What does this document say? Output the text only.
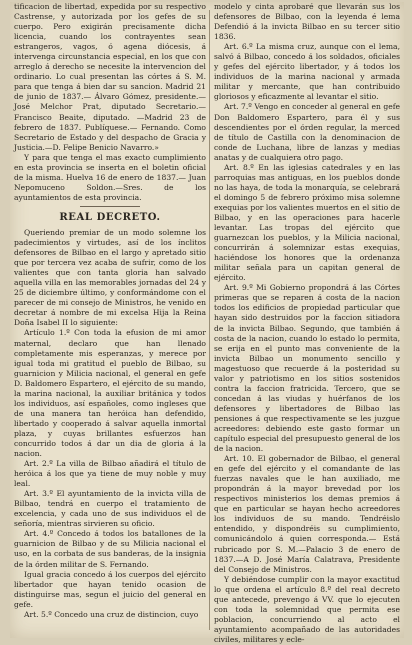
tificacion de libertad, expedida por su respectivo Castrense, y autorizada por los gefes de su cuerpo. Pero exigirán precisamente dicha licencia, cuando los contrayentes sean estrangeros, vagos, ó agena diócesis, á intervenga circunstancia especial, en los que con arreglo á derecho se necesite la intervencion del ordinario. Lo cual presentan las córtes á S. M. para que tenga á bien dar su sancion. Madrid 21 de junio de 1837.— Álvaro Gómez, presidente.—José Melchor Prat, diputado Secretario.—Francisco Beaite, diputado. —Madrid 23 de febrero de 1837. Publíquese.— Fernando. Como Secretario de Estado y del despacho de Gracia y Justicia.—D. Felipe Benicio Navarro.»

Y para que tenga el mas exacto cumplimiento en esta provincia se inserta en el boletin oficial de la misma. Huelva 16 de enero de 1837.— Juan Nepomuceno Soldon.—Sres. de los ayuntamientos de esta provincia.

REAL DECRETO.

Queriendo premiar de un modo solemne los padecimientos y virtudes, así de los ínclitos defensores de Bilbao en el largo y apretado sitio que por tercera vez acaba de sufrir, como de los valientes que con tanta gloria han salvado aquella villa en las memorables jornadas del 24 y 25 de diciembre último, y conformándome con el parecer de mi consejo de Ministros, he venido en decretar á nombre de mi excelsa Hija la Reina Doña Isabel II lo siguiente:

Artículo 1.º Con toda la efusion de mi amor maternal, declaro que han llenado completamente mis esperanzas, y merece por igual toda mi gratitud el pueblo de Bilbao, su guarnicion y Milicia nacional, el general en gefe D. Baldomero Espartero, el ejército de su mando, la marina nacional, la auxiliar británica y todos los individuos, así españoles, como ingleses que de una manera tan heróica han defendido, libertado y cooperado á salvar aquella inmortal plaza, y cuyas brillantes esfuerzos han concurrido todos á dar un dia de gloria á la nacion.

Art. 2.º La villa de Bilbao añadirá el título de heróica á los que ya tiene de muy noble y muy leal.

Art. 3.º El ayuntamiento de la invicta villa de Bilbao, tendrá en cuerpo el tratamiento de excelencia, y cada uno de sus individuos el de señoría, mientras sirvieren su oficio.

Art. 4.º Concedo á todos los batallones de la guarnicion de Bilbao y de su Milicia nacional el uso, en la corbata de sus banderas, de la insignia de la órden militar de S. Fernando.

Igual gracia concedo á los cuerpos del ejército libertador que hayan tenido ocasion de distinguirse mas, segun el juicio del general en gefe.

Art. 5.º Concedo una cruz de distincion, cuyo

modelo y cinta aprobaré que llevarán sus los defensores de Bilbao, con la leyenda é lema Defendió á la invicta Bilbao en su tercer sitio 1836.

Art. 6.º La misma cruz, aunque con el lema, salvó á Bilbao, concedo á los soldados, oficiales y gefes del ejército libertador, y á todos los individuos de la marina nacional y armada militar y mercante, que han contribuido gloriosos y eficazmente al levantar el sitio.

Art. 7.º Vengo en conceder al general en gefe Don Baldomero Espartero, para él y sus descendientes por el órden regular, la merced de título de Castilla con la denominacion de conde de Luchana, libre de lanzas y medias anatas y de cualquiera otro pago.

Art. 8.º En las iglesias catedrales y en las parroquias mas antiguas, en los pueblos donde no las haya, de toda la monarquía, se celebrará el domingo 5 de febrero próximo misa solemne exequias por los valientes muertos en el sitio de Bilbao, y en las operaciones para hacerle levantar. Las tropas del ejército que guarnezcan los pueblos, y la Milicia nacional, concurrirán á solemnizar estas exequias, haciéndose los honores que la ordenanza militar señala para un capitan general de ejército.

Art. 9.º Mi Gobierno propondrá á las Córtes primeras que se reparen á costa de la nacion todos los edificios de propiedad particular que hayan sido destruidos por la faccion sitiadora de la invicta Bilbao. Segundo, que también á costa de la nacion, cuando lo estado lo permita, se erija en el punto mas conveniente de la invicta Bilbao un monumento sencillo y magestuoso que recuerde á la posteridad su valor y patriotismo en los sitios sostenidos contra la faccion fratricida. Tercero, que se concedan á las viudas y huérfanos de los defensores y libertadores de Bilbao las pensiones á que respectivamente se les juzgue acreedores: debiendo este gasto formar un capítulo especial del presupuesto general de los de la nacion.

Art. 10. El gobernador de Bilbao, el general en gefe del ejército y el comandante de las fuerzas navales que le han auxiliado, me propondrán á la mayor brevedad por los respectivos ministerios los demas premios á que en particular se hayan hecho acreedores los individuos de su mando. Tendréislo entendido, y dispondréis su cumplimiento, comunicándolo á quien corresponda.— Está rubricado por S. M.—Palacio 3 de enero de 1837.—A D. José María Calatrava, Presidente del Consejo de Ministros.

Y debiéndose cumplir con la mayor exactitud lo que ordena el artículo 8.º del real decreto que antecede, prevengo á VV. que lo ejecuten con toda la solemnidad que permita ese poblacion, concurriendo al acto el ayuntamiento acompañado de las autoridades civiles, militares y ecle-
